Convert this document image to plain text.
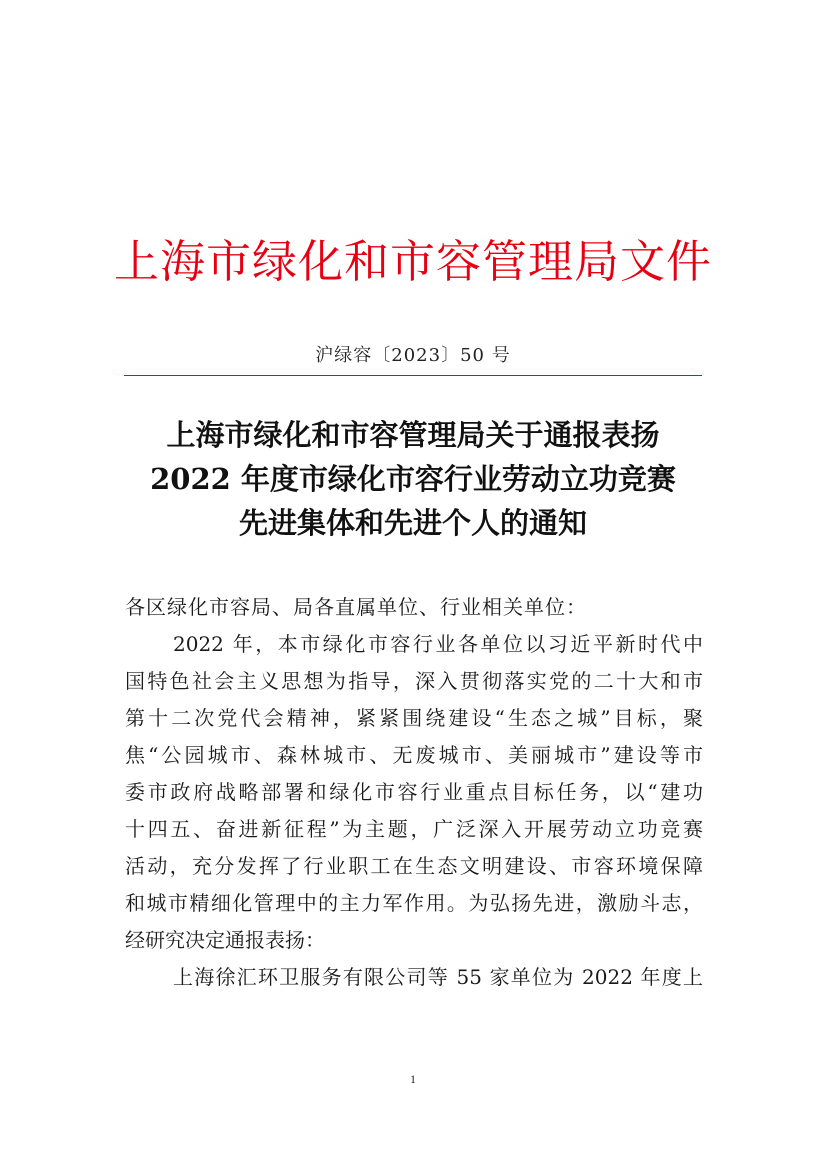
上海市绿化和市容管理局文件
沪绿容〔2023〕50 号
上海市绿化和市容管理局关于通报表扬
2022 年度市绿化市容行业劳动立功竞赛
先进集体和先进个人的通知
各区绿化市容局、局各直属单位、行业相关单位：
2022 年，本市绿化市容行业各单位以习近平新时代中
国特色社会主义思想为指导，深入贯彻落实党的二十大和市
第十二次党代会精神，紧紧围绕建设“生态之城”目标，聚
焦“公园城市、森林城市、无废城市、美丽城市”建设等市
委市政府战略部署和绿化市容行业重点目标任务，以“建功
十四五、奋进新征程”为主题，广泛深入开展劳动立功竞赛
活动，充分发挥了行业职工在生态文明建设、市容环境保障
和城市精细化管理中的主力军作用。为弘扬先进，激励斗志，
经研究决定通报表扬：
上海徐汇环卫服务有限公司等 55 家单位为 2022 年度上
1
